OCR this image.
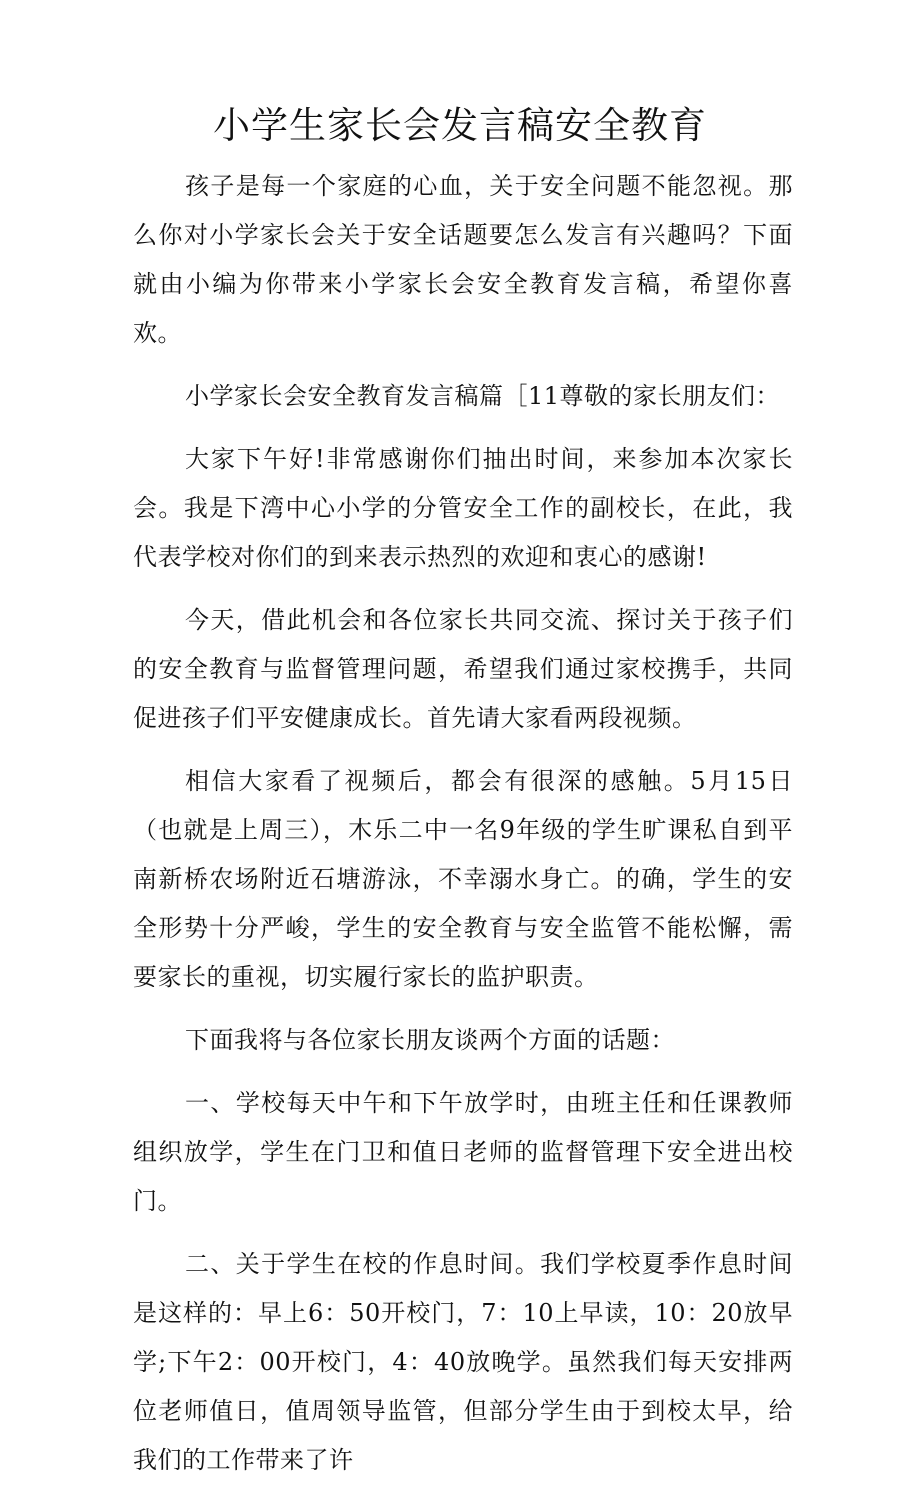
小学生家长会发言稿安全教育

孩子是每一个家庭的心血，关于安全问题不能忽视。那么你对小学家长会关于安全话题要怎么发言有兴趣吗？下面就由小编为你带来小学家长会安全教育发言稿，希望你喜欢。

小学家长会安全教育发言稿篇［11尊敬的家长朋友们：

大家下午好!非常感谢你们抽出时间，来参加本次家长会。我是下湾中心小学的分管安全工作的副校长，在此，我代表学校对你们的到来表示热烈的欢迎和衷心的感谢!

今天，借此机会和各位家长共同交流、探讨关于孩子们的安全教育与监督管理问题，希望我们通过家校携手，共同促进孩子们平安健康成长。首先请大家看两段视频。

相信大家看了视频后，都会有很深的感触。5月15日（也就是上周三），木乐二中一名9年级的学生旷课私自到平南新桥农场附近石塘游泳，不幸溺水身亡。的确，学生的安全形势十分严峻，学生的安全教育与安全监管不能松懈，需要家长的重视，切实履行家长的监护职责。

下面我将与各位家长朋友谈两个方面的话题：

一、学校每天中午和下午放学时，由班主任和任课教师组织放学，学生在门卫和值日老师的监督管理下安全进出校门。

二、关于学生在校的作息时间。我们学校夏季作息时间是这样的：早上6：50开校门，7：10上早读，10：20放早学;下午2：00开校门，4：40放晚学。虽然我们每天安排两位老师值日，值周领导监管，但部分学生由于到校太早，给我们的工作带来了许
